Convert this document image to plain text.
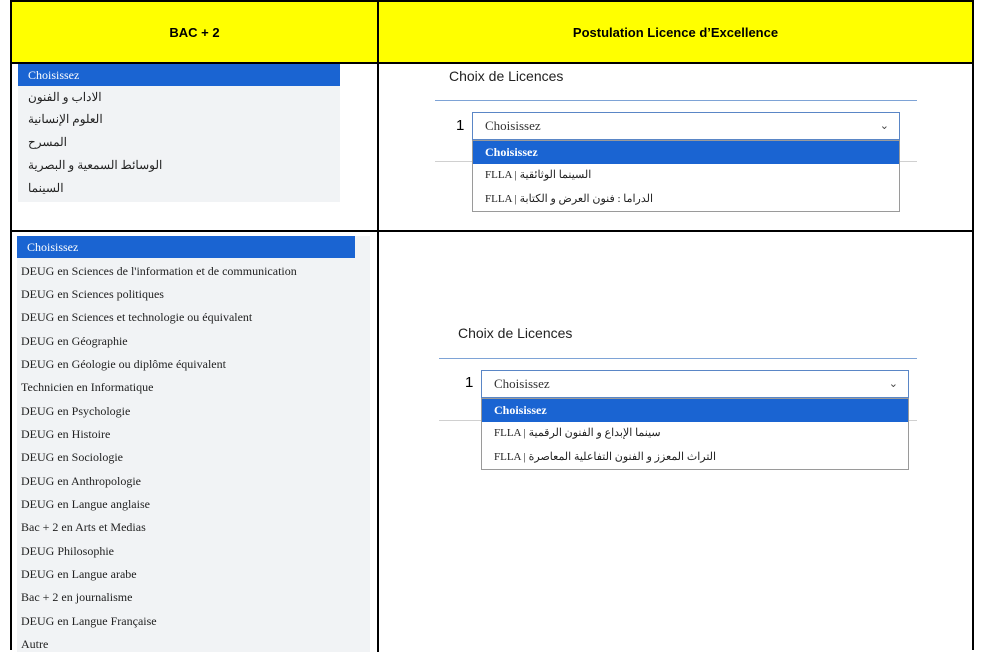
BAC + 2	Postulation Licence d’Excellence
Choisissez
الاداب و الفنون
العلوم الإنسانية
المسرح
الوسائط السمعية و البصرية
السينما
Choix de Licences
1	Choisissez	⌄
Choisissez
FLLA | السينما الوثائقية
FLLA | الدراما : فنون العرض و الكتابة
Choisissez
DEUG en Sciences de l'information et de communication
DEUG en Sciences politiques
DEUG en Sciences et technologie ou équivalent
DEUG en Géographie
DEUG en Géologie ou diplôme équivalent
Technicien en Informatique
DEUG en Psychologie
DEUG en Histoire
DEUG en Sociologie
DEUG en Anthropologie
DEUG en Langue anglaise
Bac + 2 en Arts et Medias
DEUG Philosophie
DEUG en Langue arabe
Bac + 2 en journalisme
DEUG en Langue Française
Autre
Choix de Licences
1	Choisissez	⌄
Choisissez
FLLA | سينما الإبداع و الفنون الرقمية
FLLA | التراث المعزز و الفنون التفاعلية المعاصرة
